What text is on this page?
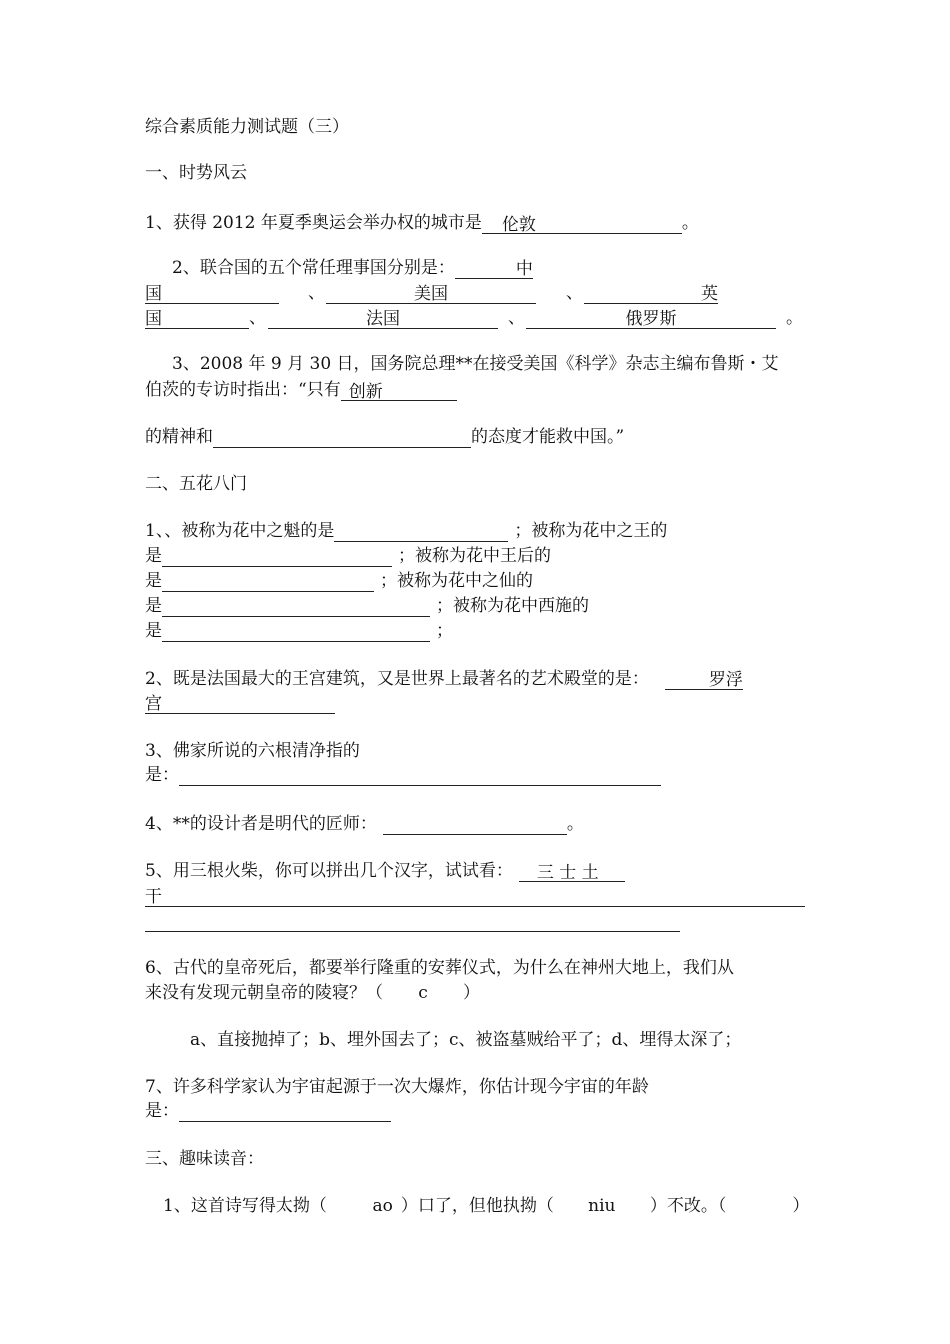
综合素质能力测试题（三）
一、时势风云
1、获得 2012 年夏季奥运会举办权的城市是 伦敦	。
2、联合国的五个常任理事国分别是：	中
国	、	美国	、	英
国	、	法国	、	俄罗斯	。
3、2008 年 9 月 30 日，国务院总理**在接受美国《科学》杂志主编布鲁斯・艾
伯茨的专访时指出：“只有 创新
的精神和	的态度才能救中国。”
二、五花八门
1、、被称为花中之魁的是	；被称为花中之王的
是	；被称为花中王后的
是	；被称为花中之仙的
是	；被称为花中西施的
是	；
2、既是法国最大的王宫建筑，又是世界上最著名的艺术殿堂的是：	罗浮
宫
3、佛家所说的六根清净指的
是：
4、**的设计者是明代的匠师：	。
5、用三根火柴，你可以拼出几个汉字，试试看： 三 士 土
干
6、古代的皇帝死后，都要举行隆重的安葬仪式，为什么在神州大地上，我们从
来没有发现元朝皇帝的陵寝？（ c ）
a、直接抛掉了；b、埋外国去了；c、被盗墓贼给平了；d、埋得太深了；
7、许多科学家认为宇宙起源于一次大爆炸，你估计现今宇宙的年龄
是：
三、趣味读音：
1、这首诗写得太拗（	ao ）口了，但他执拗（ niu ）不改。（	）
